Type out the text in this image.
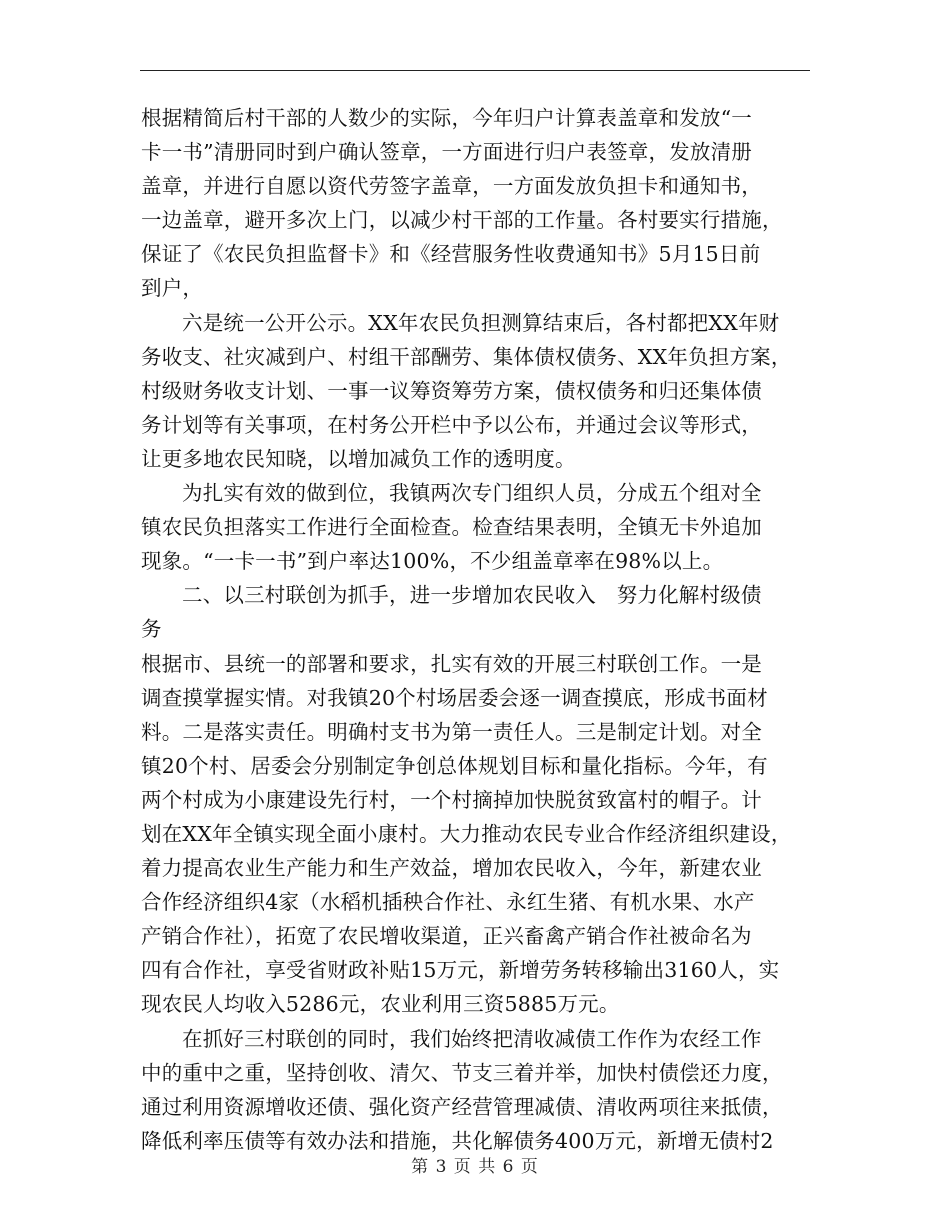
根据精简后村干部的人数少的实际，今年归户计算表盖章和发放“一
卡一书”清册同时到户确认签章，一方面进行归户表签章，发放清册
盖章，并进行自愿以资代劳签字盖章，一方面发放负担卡和通知书，
一边盖章，避开多次上门，以减少村干部的工作量。各村要实行措施，
保证了《农民负担监督卡》和《经营服务性收费通知书》5月15日前
到户，
六是统一公开公示。XX年农民负担测算结束后，各村都把XX年财
务收支、社灾减到户、村组干部酬劳、集体债权债务、XX年负担方案，
村级财务收支计划、一事一议筹资筹劳方案，债权债务和归还集体债
务计划等有关事项，在村务公开栏中予以公布，并通过会议等形式，
让更多地农民知晓，以增加减负工作的透明度。
为扎实有效的做到位，我镇两次专门组织人员，分成五个组对全
镇农民负担落实工作进行全面检查。检查结果表明，全镇无卡外追加
现象。“一卡一书”到户率达100%，不少组盖章率在98%以上。
二、以三村联创为抓手，进一步增加农民收入　努力化解村级债
务
根据市、县统一的部署和要求，扎实有效的开展三村联创工作。一是
调查摸掌握实情。对我镇20个村场居委会逐一调查摸底，形成书面材
料。二是落实责任。明确村支书为第一责任人。三是制定计划。对全
镇20个村、居委会分别制定争创总体规划目标和量化指标。今年，有
两个村成为小康建设先行村，一个村摘掉加快脱贫致富村的帽子。计
划在XX年全镇实现全面小康村。大力推动农民专业合作经济组织建设，
着力提高农业生产能力和生产效益，增加农民收入，今年，新建农业
合作经济组织4家（水稻机插秧合作社、永红生猪、有机水果、水产
产销合作社），拓宽了农民增收渠道，正兴畜禽产销合作社被命名为
四有合作社，享受省财政补贴15万元，新增劳务转移输出3160人，实
现农民人均收入5286元，农业利用三资5885万元。
在抓好三村联创的同时，我们始终把清收减债工作作为农经工作
中的重中之重，坚持创收、清欠、节支三着并举，加快村债偿还力度，
通过利用资源增收还债、强化资产经营管理减债、清收两项往来抵债，
降低利率压债等有效办法和措施，共化解债务400万元，新增无债村2
第 3 页 共 6 页
